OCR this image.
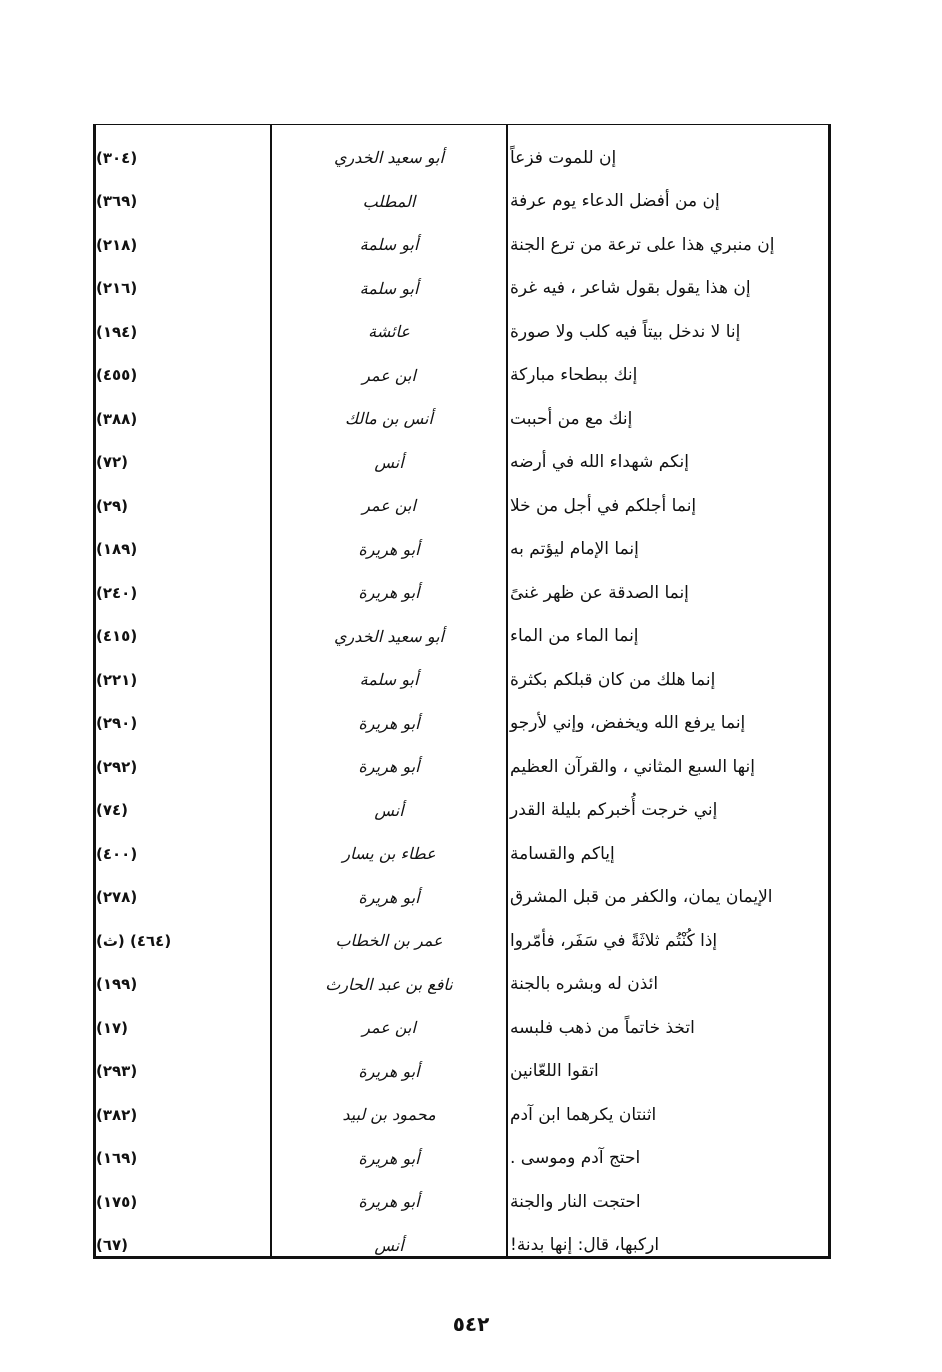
إن للموت فزعاً
أبو سعيد الخدري
(٣٠٤)
إن من أفضل الدعاء يوم عرفة
المطلب
(٣٦٩)
إن منبري هذا على ترعة من ترع الجنة
أبو سلمة
(٢١٨)
إن هذا يقول بقول شاعر ، فيه غرة
أبو سلمة
(٢١٦)
إنا لا ندخل بيتاً فيه كلب ولا صورة
عائشة
(١٩٤)
إنك ببطحاء مباركة
ابن عمر
(٤٥٥)
إنك مع من أحببت
أنس بن مالك
(٣٨٨)
إنكم شهداء الله في أرضه
أنس
(٧٢)
إنما أجلكم في أجل من خلا
ابن عمر
(٢٩)
إنما الإمام ليؤتم به
أبو هريرة
(١٨٩)
إنما الصدقة عن ظهر غنىً
أبو هريرة
(٢٤٠)
إنما الماء من الماء
أبو سعيد الخدري
(٤١٥)
إنما هلك من كان قبلكم بكثرة
أبو سلمة
(٢٢١)
إنما يرفع الله ويخفض، وإني لأرجو
أبو هريرة
(٢٩٠)
إنها السبع المثاني ، والقرآن العظيم
أبو هريرة
(٢٩٢)
إني خرجت أُخبركم بليلة القدر
أنس
(٧٤)
إياكم والقسامة
عطاء بن يسار
(٤٠٠)
الإيمان يمان، والكفر من قبل المشرق
أبو هريرة
(٢٧٨)
إذا كُنْتُم ثلاثَةً في سَفَر، فأمّروا
عمر بن الخطاب
(٤٦٤) (ث)
ائذن له وبشره بالجنة
نافع بن عبد الحارث
(١٩٩)
اتخذ خاتماً من ذهب فلبسه
ابن عمر
(١٧)
اتقوا اللعّانين
أبو هريرة
(٢٩٣)
اثنتان يكرهما ابن آدم
محمود بن لبيد
(٣٨٢)
احتج آدم وموسى .
أبو هريرة
(١٦٩)
احتجت النار والجنة
أبو هريرة
(١٧٥)
اركبها، قال: إنها بدنة!
أنس
(٦٧)
٥٤٢
